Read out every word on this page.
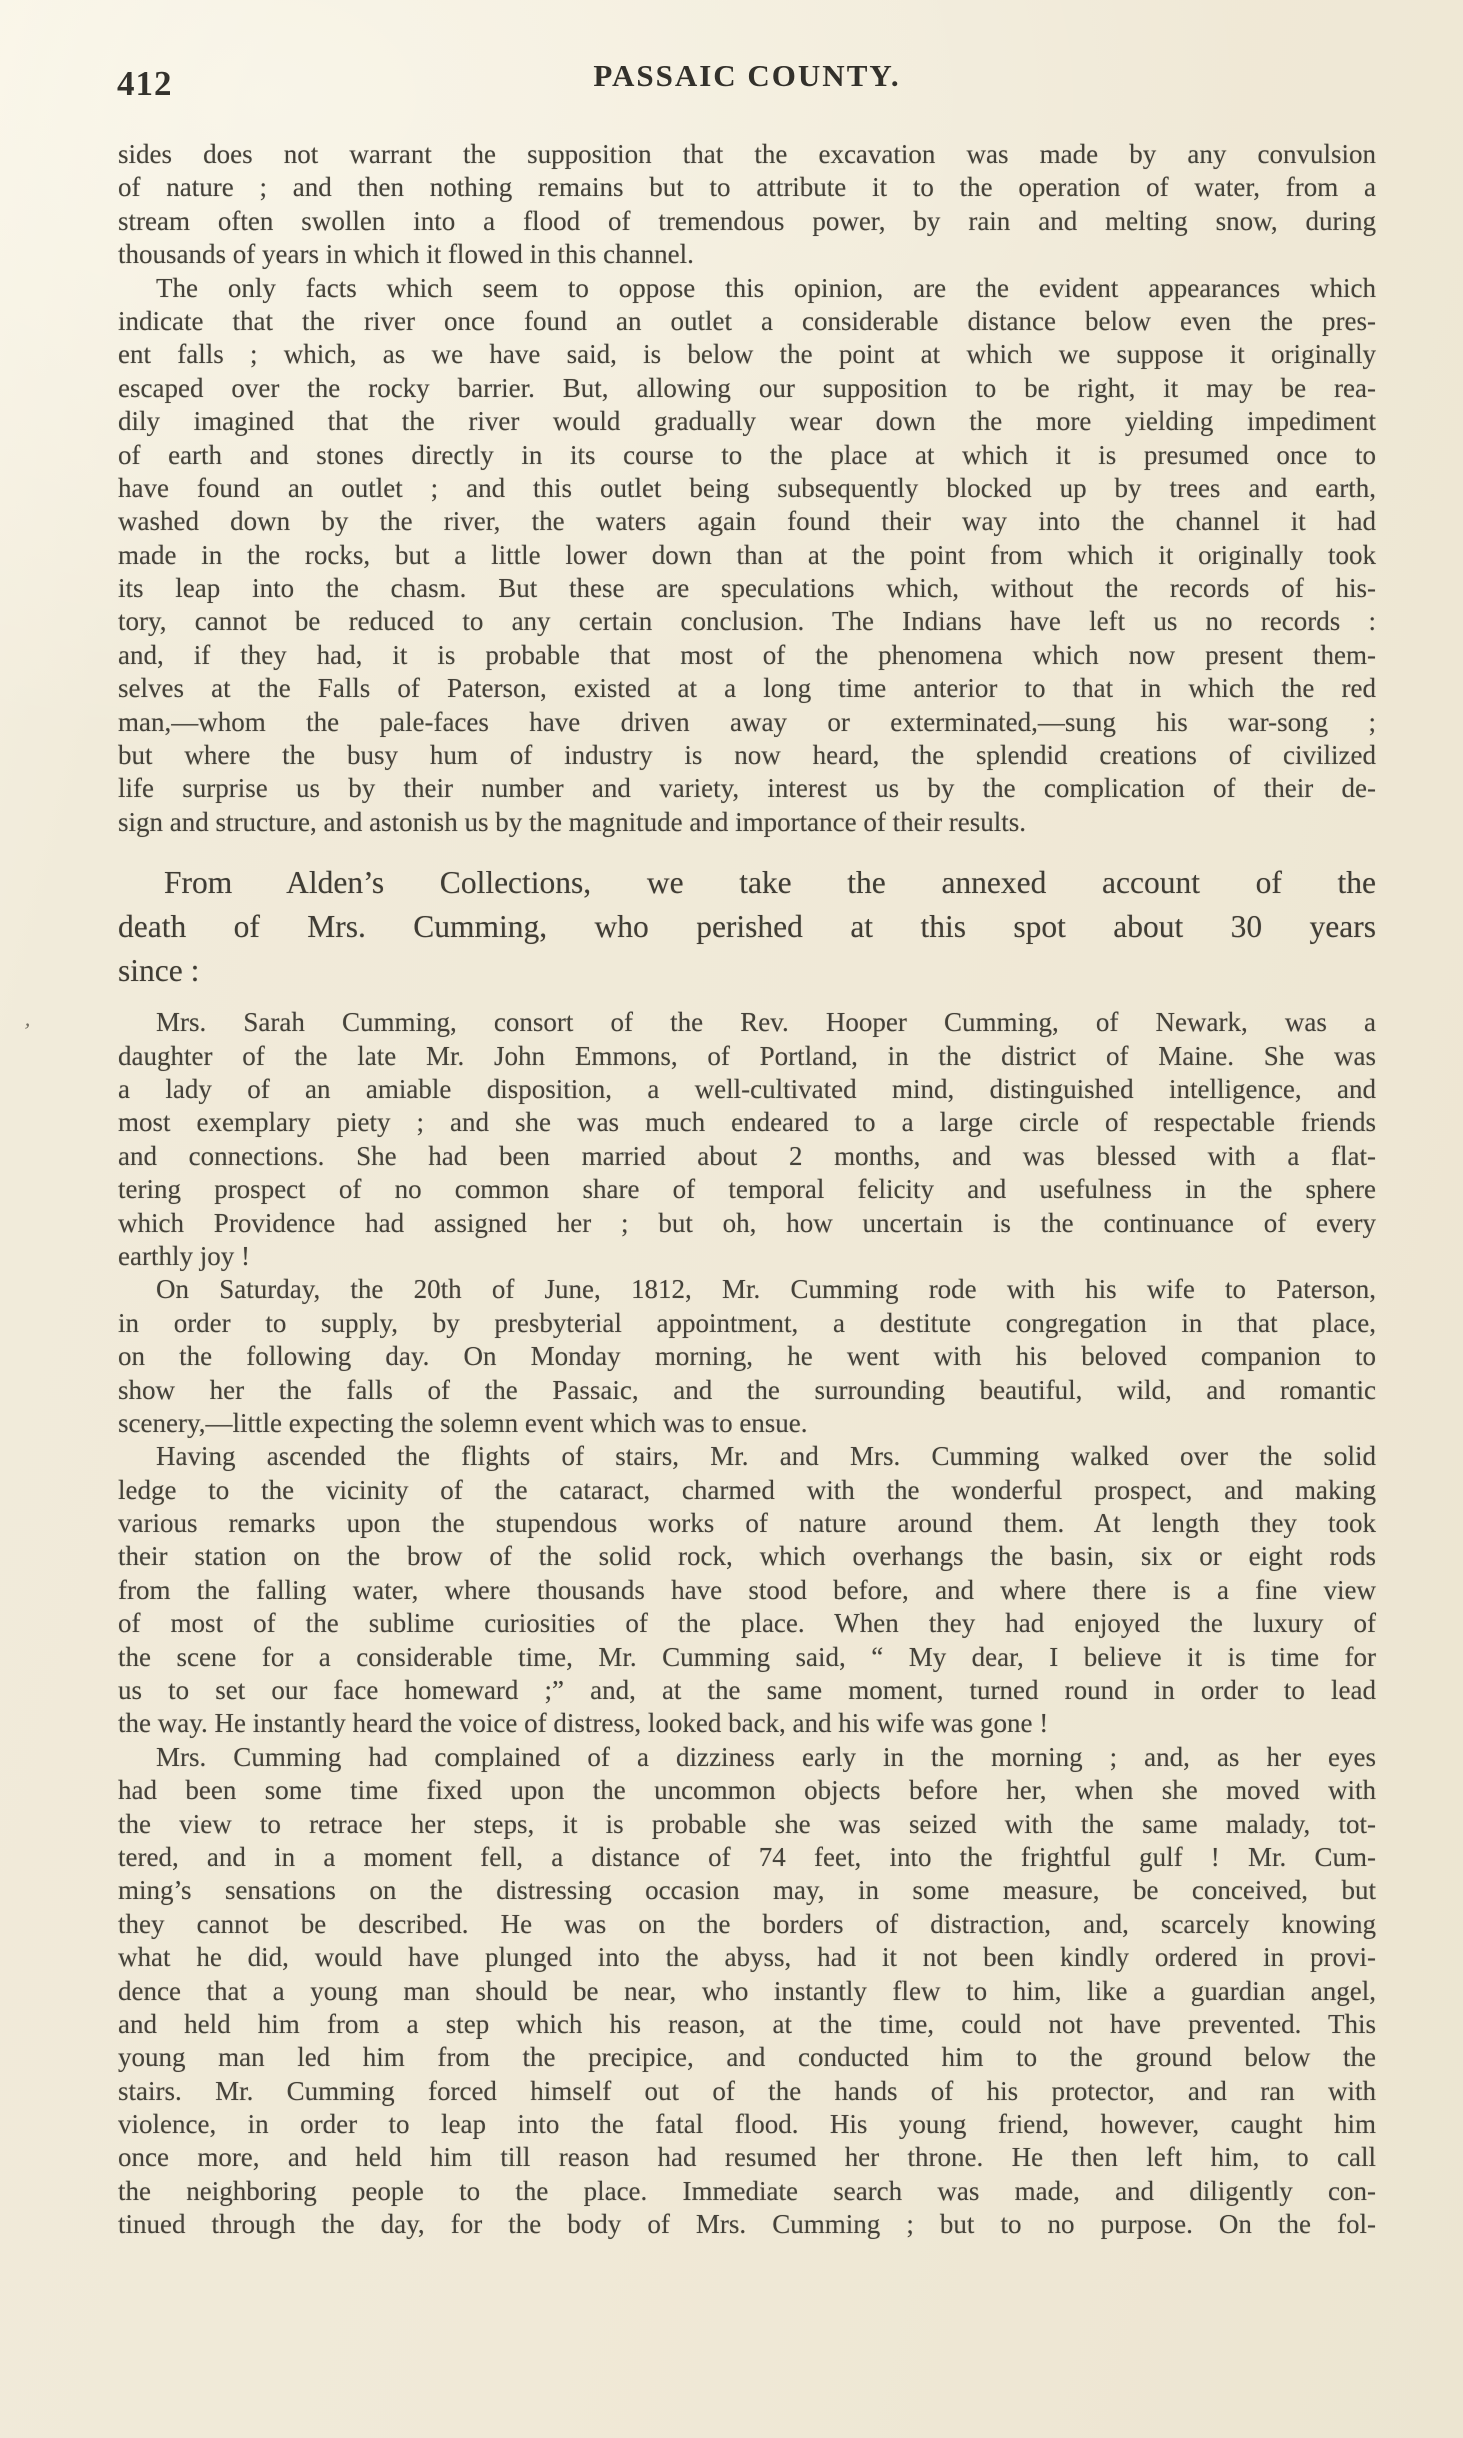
412	PASSAIC COUNTY.
’
sides does not warrant the supposition that the excavation was made by any convulsion
of nature ; and then nothing remains but to attribute it to the operation of water, from a
stream often swollen into a flood of tremendous power, by rain and melting snow, during
thousands of years in which it flowed in this channel.
The only facts which seem to oppose this opinion, are the evident appearances which
indicate that the river once found an outlet a considerable distance below even the pres-
ent falls ; which, as we have said, is below the point at which we suppose it originally
escaped over the rocky barrier. But, allowing our supposition to be right, it may be rea-
dily imagined that the river would gradually wear down the more yielding impediment
of earth and stones directly in its course to the place at which it is presumed once to
have found an outlet ; and this outlet being subsequently blocked up by trees and earth,
washed down by the river, the waters again found their way into the channel it had
made in the rocks, but a little lower down than at the point from which it originally took
its leap into the chasm. But these are speculations which, without the records of his-
tory, cannot be reduced to any certain conclusion. The Indians have left us no records :
and, if they had, it is probable that most of the phenomena which now present them-
selves at the Falls of Paterson, existed at a long time anterior to that in which the red
man,—whom the pale-faces have driven away or exterminated,—sung his war-song ;
but where the busy hum of industry is now heard, the splendid creations of civilized
life surprise us by their number and variety, interest us by the complication of their de-
sign and structure, and astonish us by the magnitude and importance of their results.
From Alden’s Collections, we take the annexed account of the
death of Mrs. Cumming, who perished at this spot about 30 years
since :
Mrs. Sarah Cumming, consort of the Rev. Hooper Cumming, of Newark, was a
daughter of the late Mr. John Emmons, of Portland, in the district of Maine. She was
a lady of an amiable disposition, a well-cultivated mind, distinguished intelligence, and
most exemplary piety ; and she was much endeared to a large circle of respectable friends
and connections. She had been married about 2 months, and was blessed with a flat-
tering prospect of no common share of temporal felicity and usefulness in the sphere
which Providence had assigned her ; but oh, how uncertain is the continuance of every
earthly joy !
On Saturday, the 20th of June, 1812, Mr. Cumming rode with his wife to Paterson,
in order to supply, by presbyterial appointment, a destitute congregation in that place,
on the following day. On Monday morning, he went with his beloved companion to
show her the falls of the Passaic, and the surrounding beautiful, wild, and romantic
scenery,—little expecting the solemn event which was to ensue.
Having ascended the flights of stairs, Mr. and Mrs. Cumming walked over the solid
ledge to the vicinity of the cataract, charmed with the wonderful prospect, and making
various remarks upon the stupendous works of nature around them. At length they took
their station on the brow of the solid rock, which overhangs the basin, six or eight rods
from the falling water, where thousands have stood before, and where there is a fine view
of most of the sublime curiosities of the place. When they had enjoyed the luxury of
the scene for a considerable time, Mr. Cumming said, “ My dear, I believe it is time for
us to set our face homeward ;” and, at the same moment, turned round in order to lead
the way. He instantly heard the voice of distress, looked back, and his wife was gone !
Mrs. Cumming had complained of a dizziness early in the morning ; and, as her eyes
had been some time fixed upon the uncommon objects before her, when she moved with
the view to retrace her steps, it is probable she was seized with the same malady, tot-
tered, and in a moment fell, a distance of 74 feet, into the frightful gulf ! Mr. Cum-
ming’s sensations on the distressing occasion may, in some measure, be conceived, but
they cannot be described. He was on the borders of distraction, and, scarcely knowing
what he did, would have plunged into the abyss, had it not been kindly ordered in provi-
dence that a young man should be near, who instantly flew to him, like a guardian angel,
and held him from a step which his reason, at the time, could not have prevented. This
young man led him from the precipice, and conducted him to the ground below the
stairs. Mr. Cumming forced himself out of the hands of his protector, and ran with
violence, in order to leap into the fatal flood. His young friend, however, caught him
once more, and held him till reason had resumed her throne. He then left him, to call
the neighboring people to the place. Immediate search was made, and diligently con-
tinued through the day, for the body of Mrs. Cumming ; but to no purpose. On the fol-
